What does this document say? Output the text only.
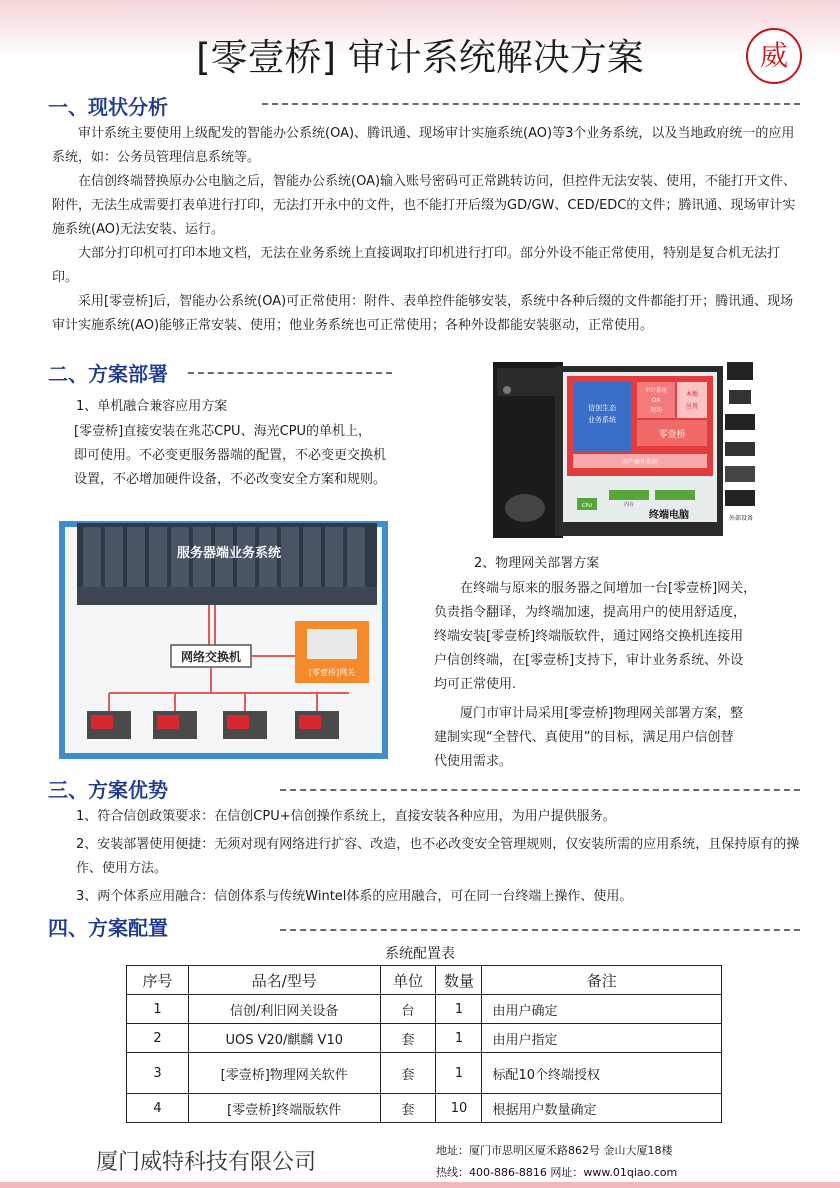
[零壹桥] 审计系统解决方案	威
一、现状分析

审计系统主要使用上级配发的智能办公系统(OA)、腾讯通、现场审计实施系统(AO)等3个业务系统，以及当地政府统一的应用系统，如：公务员管理信息系统等。

在信创终端替换原办公电脑之后，智能办公系统(OA)输入账号密码可正常跳转访问，但控件无法安装、使用，不能打开文件、附件，无法生成需要打表单进行打印，无法打开永中的文件，也不能打开后缀为GD/GW、CED/EDC的文件；腾讯通、现场审计实施系统(AO)无法安装、运行。

大部分打印机可打印本地文档，无法在业务系统上直接调取打印机进行打印。部分外设不能正常使用，特别是复合机无法打印。

采用[零壹桥]后，智能办公系统(OA)可正常使用：附件、表单控件能够安装，系统中各种后缀的文件都能打开；腾讯通、现场审计实施系统(AO)能够正常安装、使用；他业务系统也可正常使用；各种外设都能安装驱动，正常使用。

二、方案部署

1、单机融合兼容应用方案

[零壹桥]直接安装在兆芯CPU、海光CPU的单机上，

即可使用。不必变更服务器端的配置，不必变更交换机

设置，不必增加硬件设备，不必改变安全方案和规则。

信创生态
业务系统
审计系统
OA
现场
本地
应用
零壹桥
国产操作系统
CPU	内存
终端电脑	外部设备
服务器端业务系统
网络交换机
[零壹桥]网关

2、物理网关部署方案

在终端与原来的服务器之间增加一台[零壹桥]网关，

负责指令翻译，为终端加速，提高用户的使用舒适度，

终端安装[零壹桥]终端版软件，通过网络交换机连接用

户信创终端，在[零壹桥]支持下，审计业务系统、外设

均可正常使用.

厦门市审计局采用[零壹桥]物理网关部署方案，整

建制实现“全替代、真使用”的目标，满足用户信创替

代使用需求。

三、方案优势

1、符合信创政策要求：在信创CPU+信创操作系统上，直接安装各种应用，为用户提供服务。

2、安装部署使用便捷：无须对现有网络进行扩容、改造，也不必改变安全管理规则，仅安装所需的应用系统，且保持原有的操作、使用方法。

3、两个体系应用融合：信创体系与传统Wintel体系的应用融合，可在同一台终端上操作、使用。

四、方案配置
系统配置表
序号	品名/型号	单位	数量	备注
1	信创/利旧网关设备	台	1	由用户确定
2	UOS V20/麒麟 V10	套	1	由用户指定
3	[零壹桥]物理网关软件	套	1	标配10个终端授权
4	[零壹桥]终端版软件	套	10	根据用户数量确定
厦门威特科技有限公司	地址：厦门市思明区厦禾路862号 金山大厦18楼
热线：400-886-8816 网址：www.01qiao.com
